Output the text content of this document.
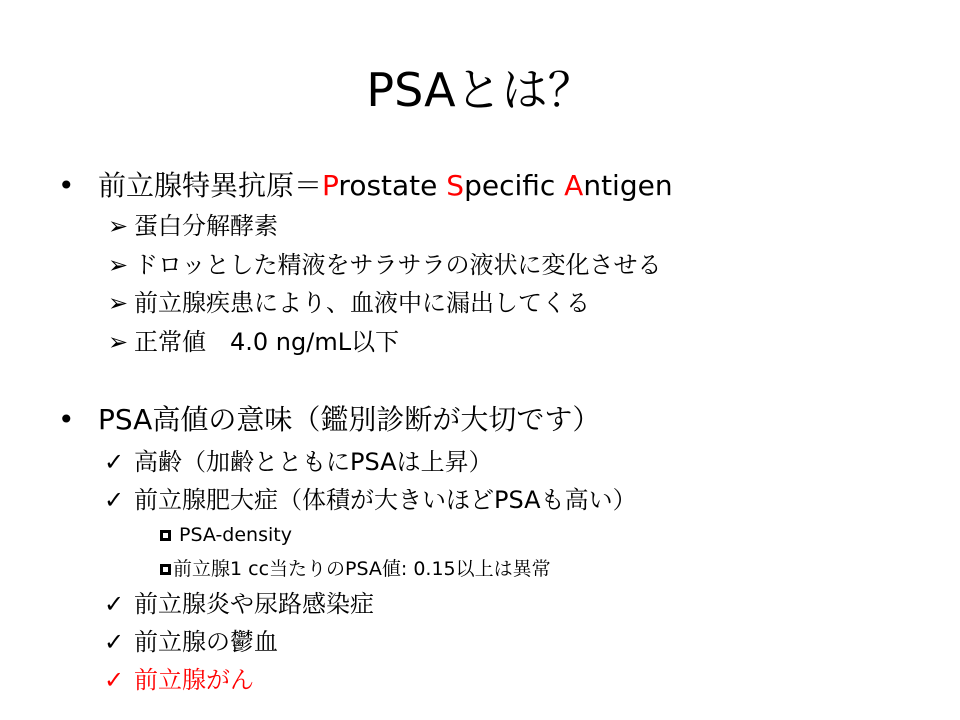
PSAとは？
• 前立腺特異抗原＝Prostate Specific Antigen
➢ 蛋白分解酵素
➢ ドロッとした精液をサラサラの液状に変化させる
➢ 前立腺疾患により、血液中に漏出してくる
➢ 正常値　4.0 ng/mL以下
• PSA高値の意味（鑑別診断が大切です）
✓ 高齢（加齢とともにPSAは上昇）
✓ 前立腺肥大症（体積が大きいほどPSAも高い）
PSA-density
前立腺1 cc当たりのPSA値: 0.15以上は異常
✓ 前立腺炎や尿路感染症
✓ 前立腺の鬱血
✓ 前立腺がん
